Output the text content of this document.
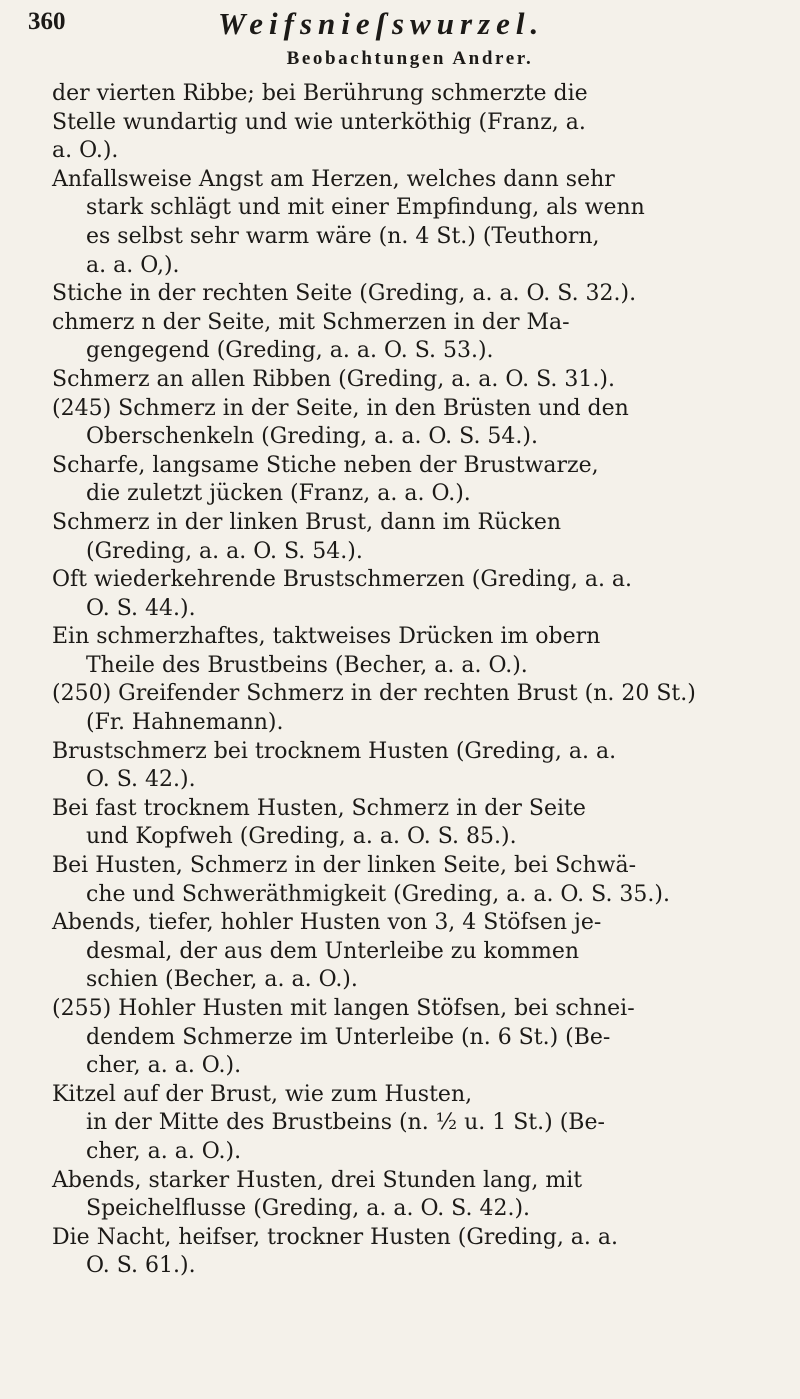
360	Weifsnieſswurzel.
Beobachtungen Andrer.
der vierten Ribbe; bei Berührung schmerzte die
Stelle wundartig und wie unterköthig (Franz, a.
a. O.).
Anfallsweise Angst am Herzen, welches dann sehr
stark schlägt und mit einer Empfindung, als wenn
es selbst sehr warm wäre (n. 4 St.) (Teuthorn,
a. a. O,).
Stiche in der rechten Seite (Greding, a. a. O. S. 32.).
chmerz n der Seite, mit Schmerzen in der Ma-
gengegend (Greding, a. a. O. S. 53.).
Schmerz an allen Ribben (Greding, a. a. O. S. 31.).
(245) Schmerz in der Seite, in den Brüsten und den
Oberschenkeln (Greding, a. a. O. S. 54.).
Scharfe, langsame Stiche neben der Brustwarze,
die zuletzt jücken (Franz, a. a. O.).
Schmerz in der linken Brust, dann im Rücken
(Greding, a. a. O. S. 54.).
Oft wiederkehrende Brustschmerzen (Greding, a. a.
O. S. 44.).
Ein schmerzhaftes, taktweises Drücken im obern
Theile des Brustbeins (Becher, a. a. O.).
(250) Greifender Schmerz in der rechten Brust (n. 20 St.)
(Fr. Hahnemann).
Brustschmerz bei trocknem Husten (Greding, a. a.
O. S. 42.).
Bei fast trocknem Husten, Schmerz in der Seite
und Kopfweh (Greding, a. a. O. S. 85.).
Bei Husten, Schmerz in der linken Seite, bei Schwä-
che und Schweräthmigkeit (Greding, a. a. O. S. 35.).
Abends, tiefer, hohler Husten von 3, 4 Stöfsen je-
desmal, der aus dem Unterleibe zu kommen
schien (Becher, a. a. O.).
(255) Hohler Husten mit langen Stöfsen, bei schnei-
dendem Schmerze im Unterleibe (n. 6 St.) (Be-
cher, a. a. O.).
Kitzel auf der Brust, wie zum Husten,
in der Mitte des Brustbeins (n. ½ u. 1 St.) (Be-
cher, a. a. O.).
Abends, starker Husten, drei Stunden lang, mit
Speichelflusse (Greding, a. a. O. S. 42.).
Die Nacht, heifser, trockner Husten (Greding, a. a.
O. S. 61.).
